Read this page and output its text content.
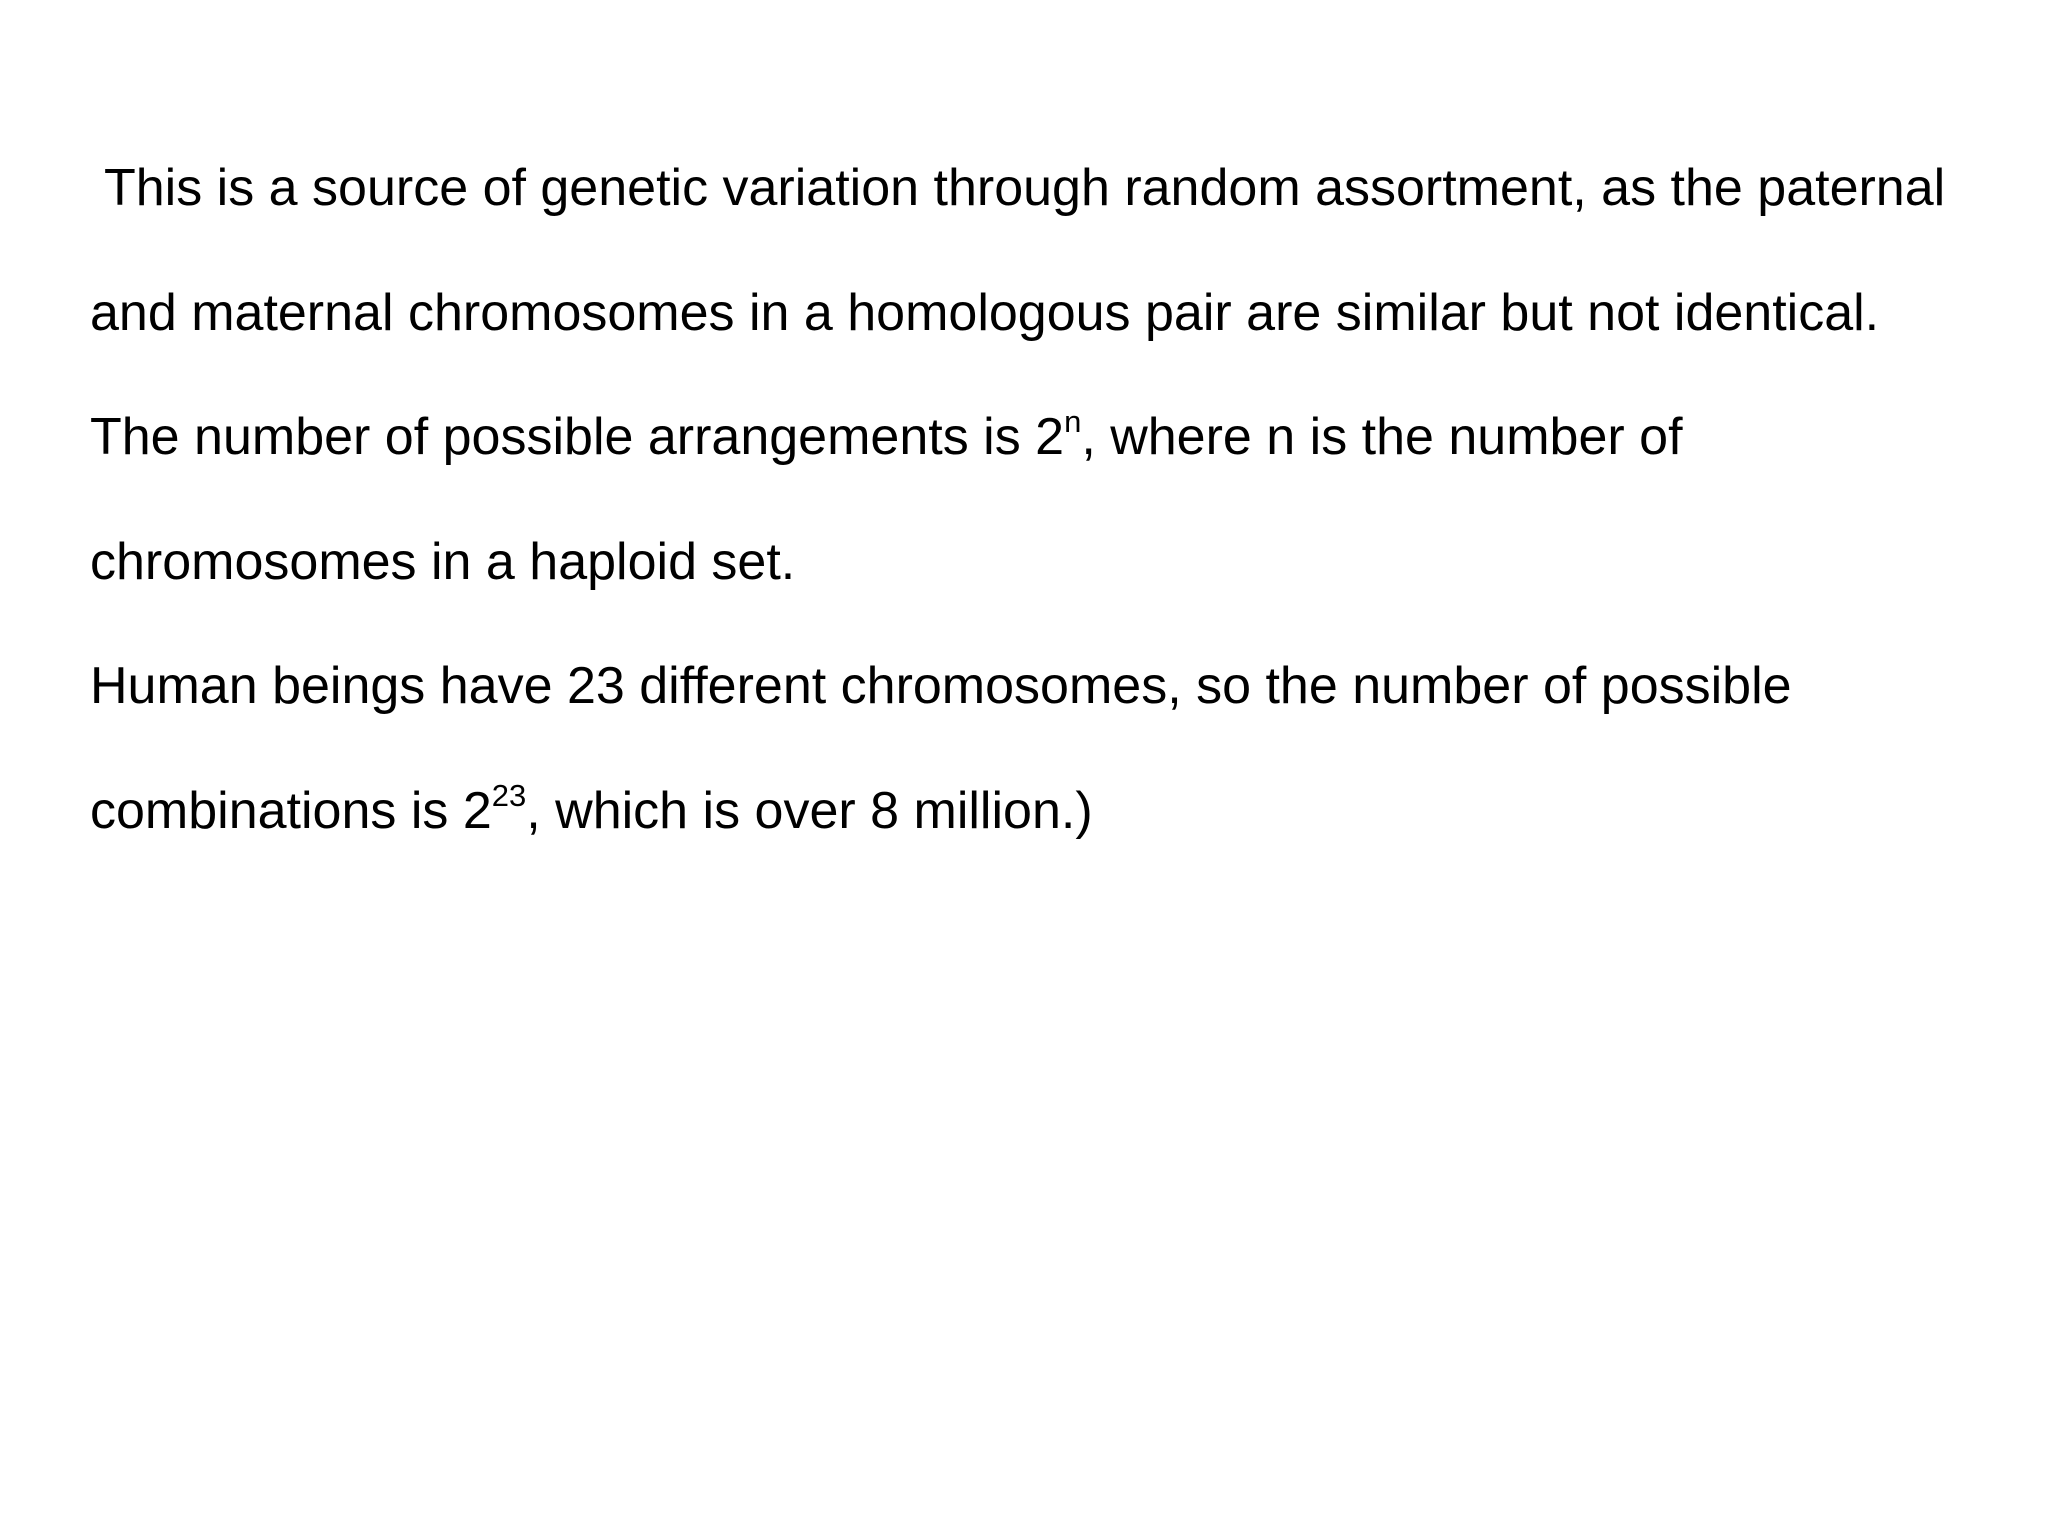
This is a source of genetic variation through random assortment, as the paternal
and maternal chromosomes in a homologous pair are similar but not identical.
The number of possible arrangements is 2$^n$, where n is the number of
chromosomes in a haploid set.
Human beings have 23 different chromosomes, so the number of possible
combinations is $2^{23}$, which is over 8 million.)
